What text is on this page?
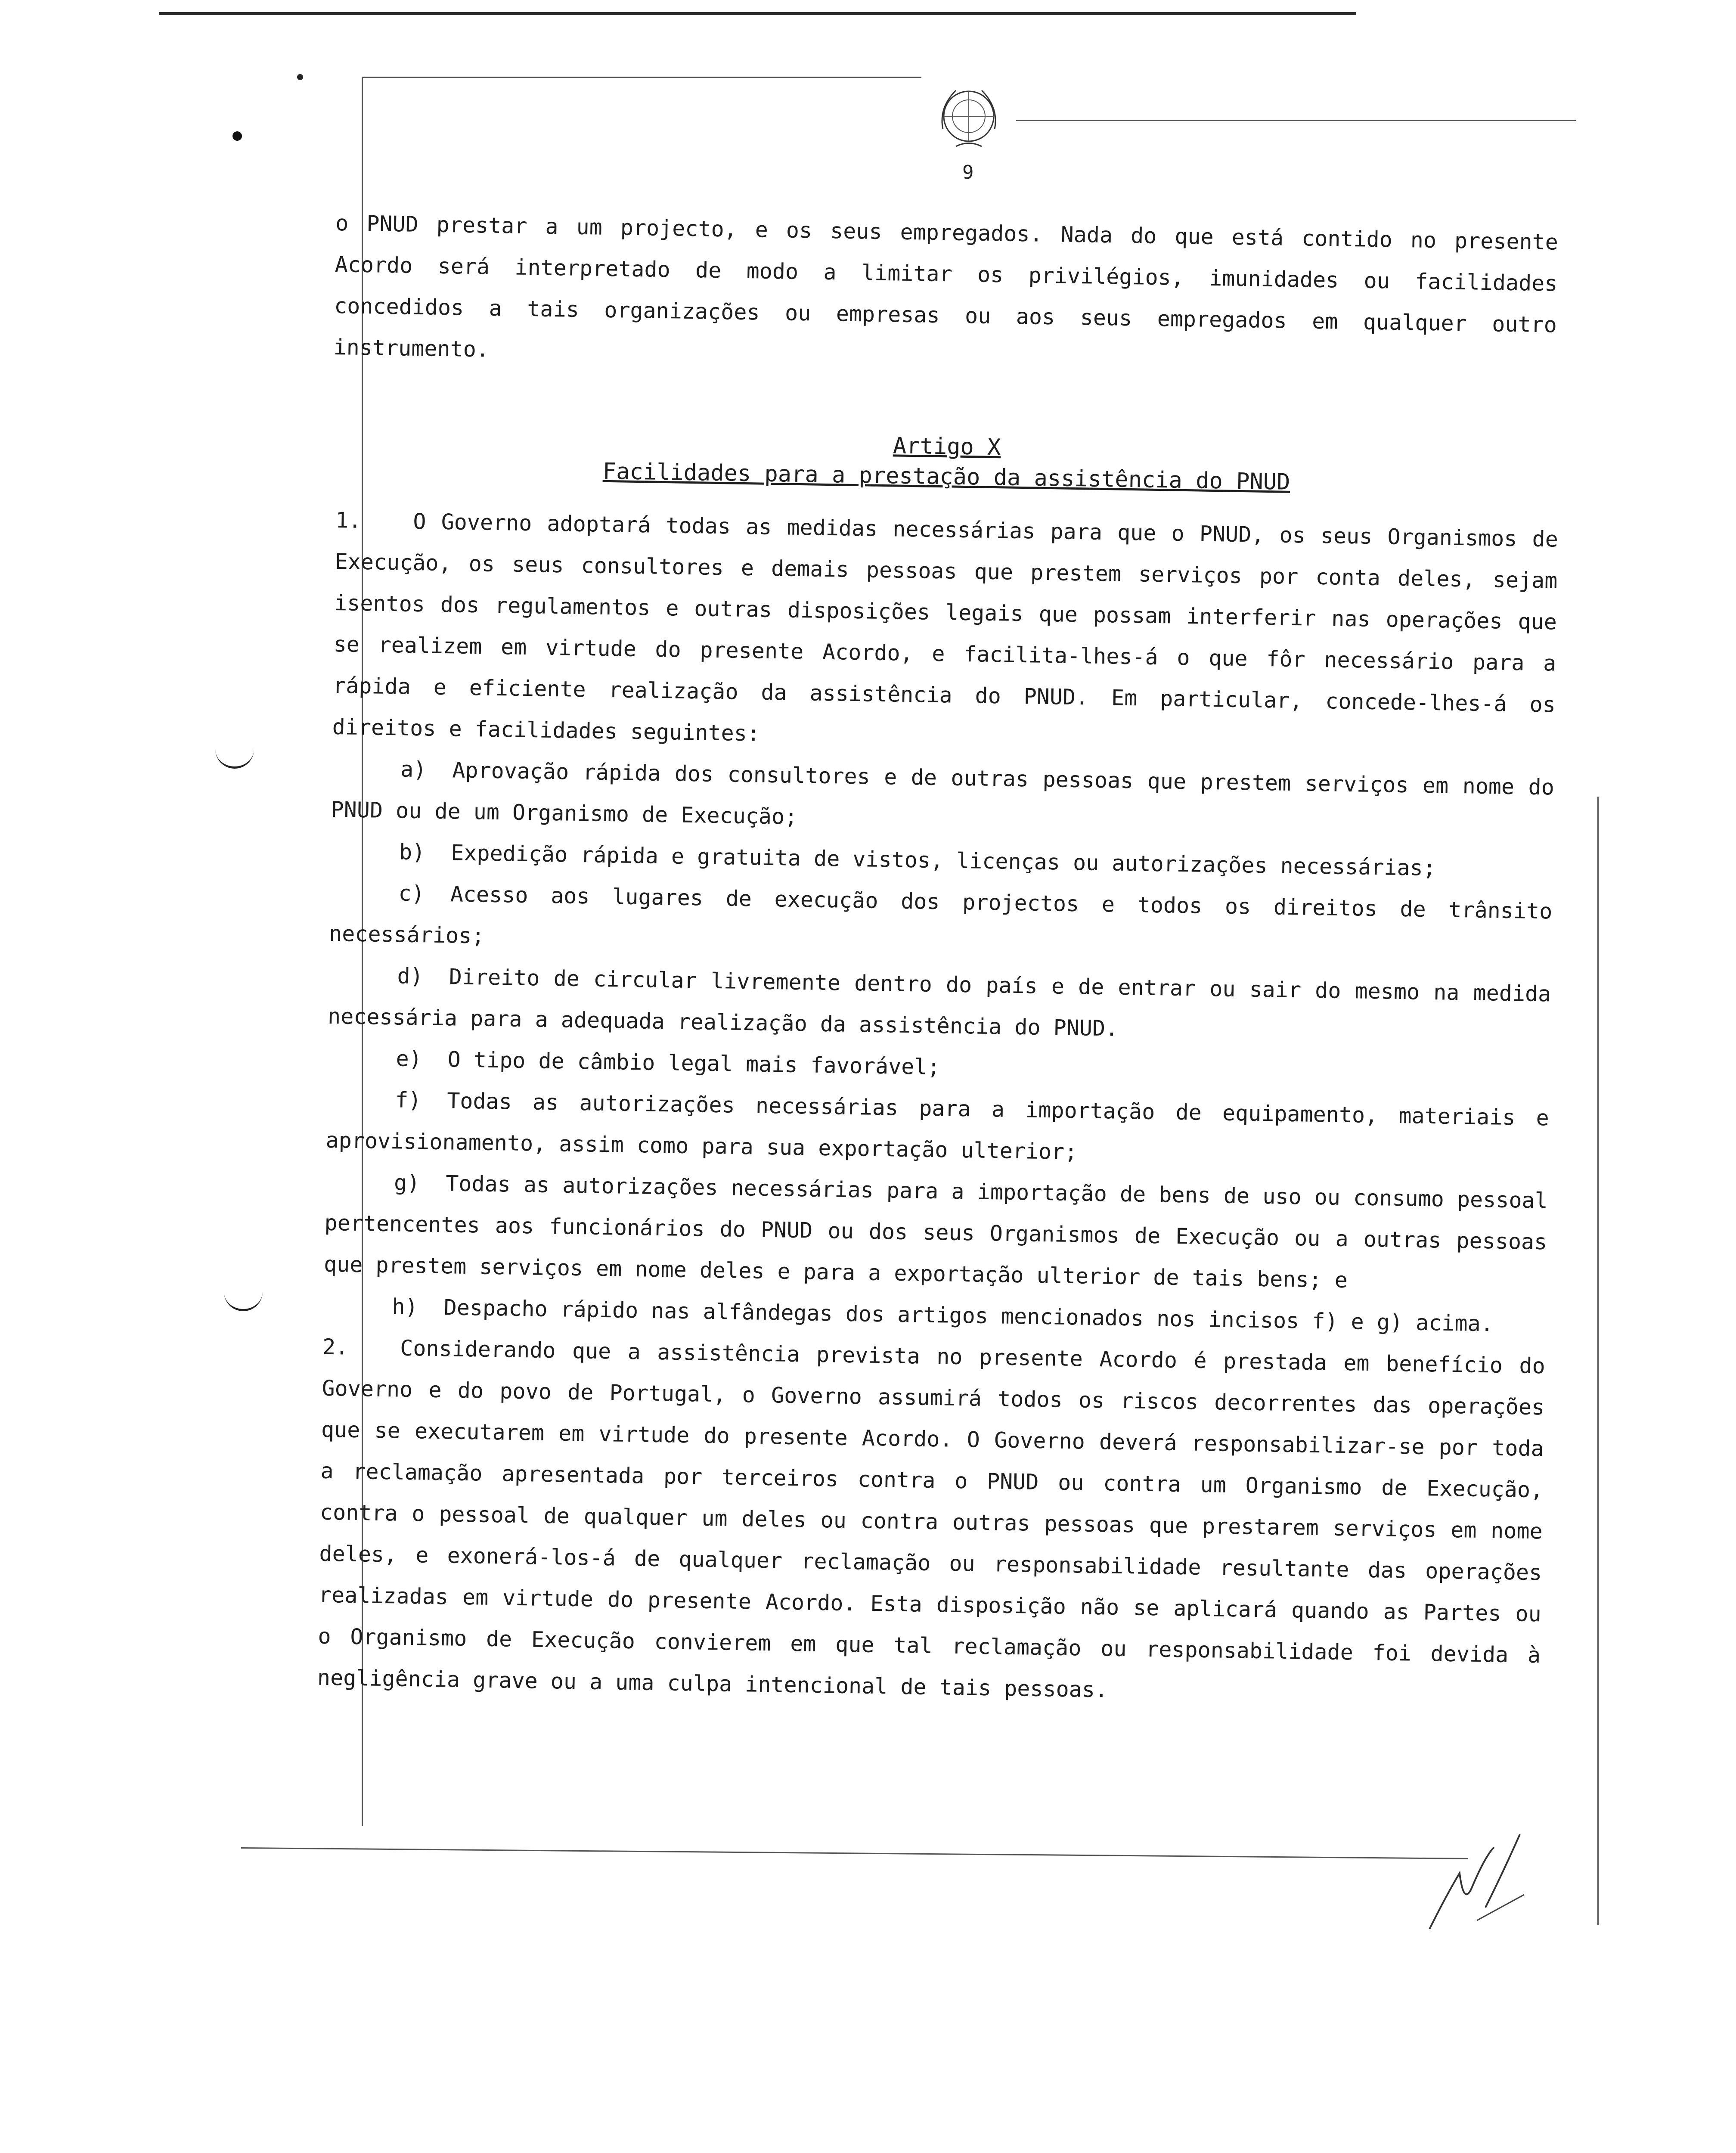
9

o PNUD prestar a um projecto, e os seus empregados. Nada do que está contido no presente Acordo será interpretado de modo a limitar os privilégios, imunidades ou facilidades concedidos a tais organizações ou empresas ou aos seus empregados em qualquer outro instrumento.

Artigo X

Facilidades para a prestação da assistência do PNUD

1. O Governo adoptará todas as medidas necessárias para que o PNUD, os seus Organismos de Execução, os seus consultores e demais pessoas que prestem serviços por conta deles, sejam isentos dos regulamentos e outras disposições legais que possam interferir nas operações que se realizem em virtude do presente Acordo, e facilita-lhes-á o que fôr necessário para a rápida e eficiente realização da assistência do PNUD. Em particular, concede-lhes-á os direitos e facilidades seguintes:

a) Aprovação rápida dos consultores e de outras pessoas que prestem serviços em nome do PNUD ou de um Organismo de Execução;

b) Expedição rápida e gratuita de vistos, licenças ou autorizações necessárias;

c) Acesso aos lugares de execução dos projectos e todos os direitos de trânsito necessários;

d) Direito de circular livremente dentro do país e de entrar ou sair do mesmo na medida necessária para a adequada realização da assistência do PNUD.

e) O tipo de câmbio legal mais favorável;

f) Todas as autorizações necessárias para a importação de equipamento, materiais e aprovisionamento, assim como para sua exportação ulterior;

g) Todas as autorizações necessárias para a importação de bens de uso ou consumo pessoal pertencentes aos funcionários do PNUD ou dos seus Organismos de Execução ou a outras pessoas que prestem serviços em nome deles e para a exportação ulterior de tais bens; e

h) Despacho rápido nas alfândegas dos artigos mencionados nos incisos f) e g) acima.

2. Considerando que a assistência prevista no presente Acordo é prestada em benefício do Governo e do povo de Portugal, o Governo assumirá todos os riscos decorrentes das operações que se executarem em virtude do presente Acordo. O Governo deverá responsabilizar-se por toda a reclamação apresentada por terceiros contra o PNUD ou contra um Organismo de Execução, contra o pessoal de qualquer um deles ou contra outras pessoas que prestarem serviços em nome deles, e exonerá-los-á de qualquer reclamação ou responsabilidade resultante das operações realizadas em virtude do presente Acordo. Esta disposição não se aplicará quando as Partes ou o Organismo de Execução convierem em que tal reclamação ou responsabilidade foi devida à negligência grave ou a uma culpa intencional de tais pessoas.
